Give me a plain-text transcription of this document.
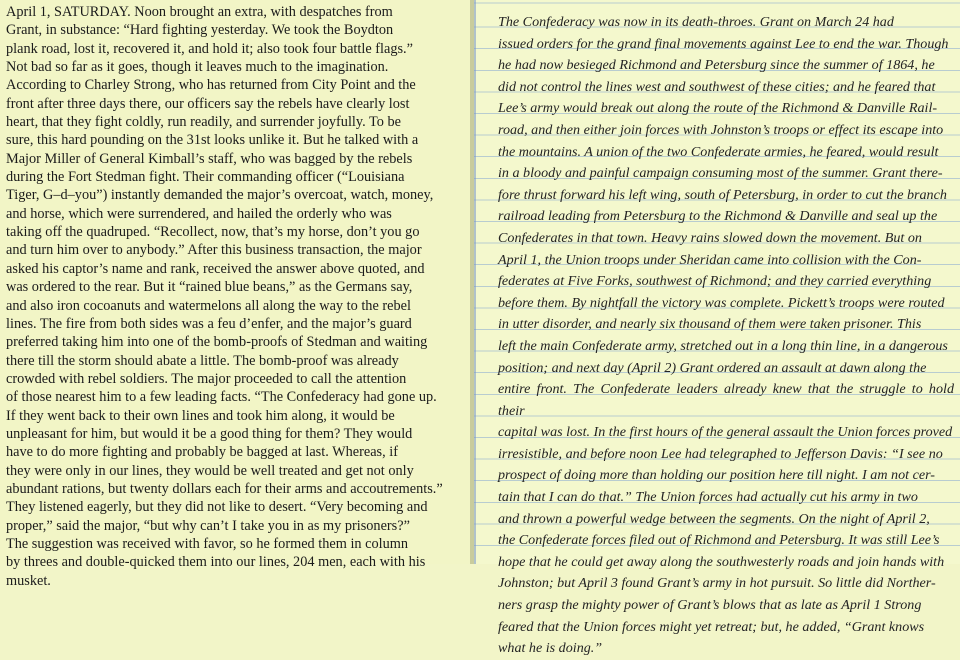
April 1, SATURDAY. Noon brought an extra, with despatches from
Grant, in substance: “Hard fighting yesterday. We took the Boydton
plank road, lost it, recovered it, and hold it; also took four battle flags.”
Not bad so far as it goes, though it leaves much to the imagination.
According to Charley Strong, who has returned from City Point and the
front after three days there, our officers say the rebels have clearly lost
heart, that they fight coldly, run readily, and surrender joyfully. To be
sure, this hard pounding on the 31st looks unlike it. But he talked with a
Major Miller of General Kimball’s staff, who was bagged by the rebels
during the Fort Stedman fight. Their commanding officer (“Louisiana
Tiger, G–d–you”) instantly demanded the major’s overcoat, watch, money,
and horse, which were surrendered, and hailed the orderly who was
taking off the quadruped. “Recollect, now, that’s my horse, don’t you go
and turn him over to anybody.” After this business transaction, the major
asked his captor’s name and rank, received the answer above quoted, and
was ordered to the rear. But it “rained blue beans,” as the Germans say,
and also iron cocoanuts and watermelons all along the way to the rebel
lines. The fire from both sides was a feu d’enfer, and the major’s guard
preferred taking him into one of the bomb-proofs of Stedman and waiting
there till the storm should abate a little. The bomb-proof was already
crowded with rebel soldiers. The major proceeded to call the attention
of those nearest him to a few leading facts. “The Confederacy had gone up.
If they went back to their own lines and took him along, it would be
unpleasant for him, but would it be a good thing for them? They would
have to do more fighting and probably be bagged at last. Whereas, if
they were only in our lines, they would be well treated and get not only
abundant rations, but twenty dollars each for their arms and accoutrements.”
They listened eagerly, but they did not like to desert. “Very becoming and
proper,” said the major, “but why can’t I take you in as my prisoners?”
The suggestion was received with favor, so he formed them in column
by threes and double-quicked them into our lines, 204 men, each with his
musket.

The Confederacy was now in its death-throes. Grant on March 24 had
issued orders for the grand final movements against Lee to end the war. Though
he had now besieged Richmond and Petersburg since the summer of 1864, he
did not control the lines west and southwest of these cities; and he feared that
Lee’s army would break out along the route of the Richmond & Danville Rail-
road, and then either join forces with Johnston’s troops or effect its escape into
the mountains. A union of the two Confederate armies, he feared, would result
in a bloody and painful campaign consuming most of the summer. Grant there-
fore thrust forward his left wing, south of Petersburg, in order to cut the branch
railroad leading from Petersburg to the Richmond & Danville and seal up the
Confederates in that town. Heavy rains slowed down the movement. But on
April 1, the Union troops under Sheridan came into collision with the Con-
federates at Five Forks, southwest of Richmond; and they carried everything
before them. By nightfall the victory was complete. Pickett’s troops were routed
in utter disorder, and nearly six thousand of them were taken prisoner. This
left the main Confederate army, stretched out in a long thin line, in a dangerous
position; and next day (April 2) Grant ordered an assault at dawn along the
entire front. The Confederate leaders already knew that the struggle to hold their
capital was lost. In the first hours of the general assault the Union forces proved
irresistible, and before noon Lee had telegraphed to Jefferson Davis: “I see no
prospect of doing more than holding our position here till night. I am not cer-
tain that I can do that.” The Union forces had actually cut his army in two
and thrown a powerful wedge between the segments. On the night of April 2,
the Confederate forces filed out of Richmond and Petersburg. It was still Lee’s
hope that he could get away along the southwesterly roads and join hands with
Johnston; but April 3 found Grant’s army in hot pursuit. So little did Norther-
ners grasp the mighty power of Grant’s blows that as late as April 1 Strong
feared that the Union forces might yet retreat; but, he added, “Grant knows
what he is doing.”
